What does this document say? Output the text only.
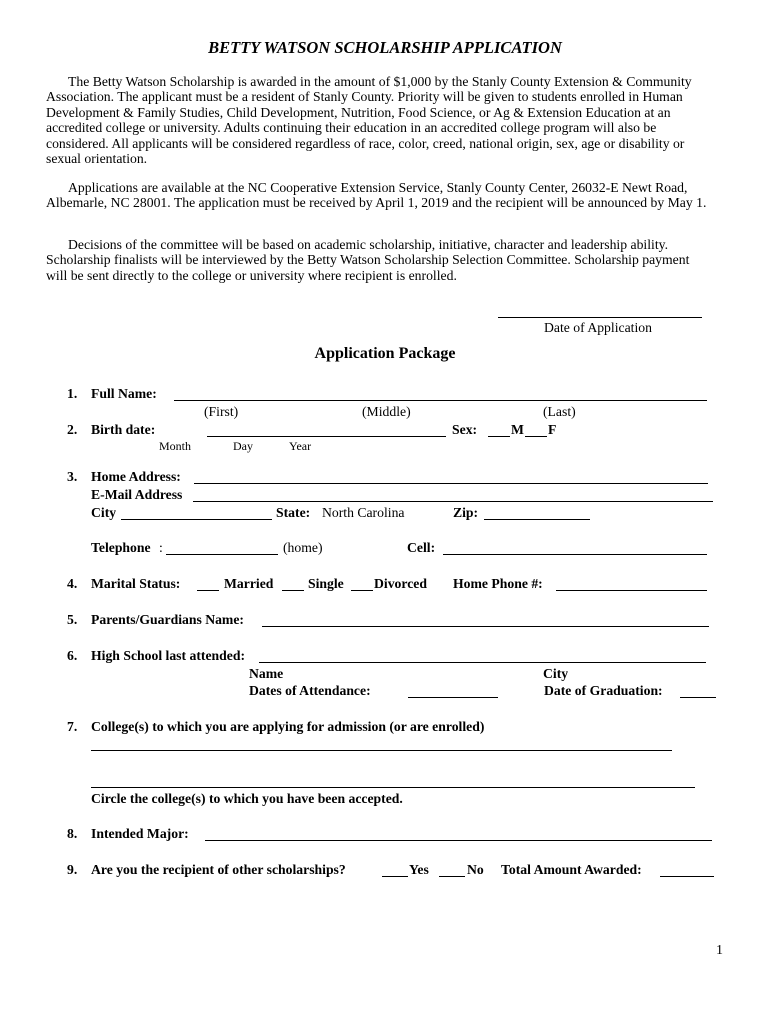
BETTY WATSON SCHOLARSHIP APPLICATION
The Betty Watson Scholarship is awarded in the amount of $1,000 by the Stanly County Extension & Community Association. The applicant must be a resident of Stanly County. Priority will be given to students enrolled in Human Development & Family Studies, Child Development, Nutrition, Food Science, or Ag & Extension Education at an accredited college or university. Adults continuing their education in an accredited college program will also be considered. All applicants will be considered regardless of race, color, creed, national origin, sex, age or disability or sexual orientation.
Applications are available at the NC Cooperative Extension Service, Stanly County Center, 26032-E Newt Road, Albemarle, NC 28001. The application must be received by April 1, 2019 and the recipient will be announced by May 1.
Decisions of the committee will be based on academic scholarship, initiative, character and leadership ability. Scholarship finalists will be interviewed by the Betty Watson Scholarship Selection Committee. Scholarship payment will be sent directly to the college or university where recipient is enrolled.
Date of Application
Application Package
1. Full Name:
(First)	(Middle)	(Last)
2. Birth date:	Sex: M F
Month	Day	Year
3. Home Address:
E-Mail Address
City	State: North Carolina	Zip:
Telephone :	(home)	Cell:
4. Marital Status:	Married	Single Divorced Home Phone #:
5. Parents/Guardians Name:
6. High School last attended:
Name	City
Dates of Attendance:	Date of Graduation:
7. College(s) to which you are applying for admission (or are enrolled)
Circle the college(s) to which you have been accepted.
8. Intended Major:
9. Are you the recipient of other scholarships?	Yes	No Total Amount Awarded:
1
